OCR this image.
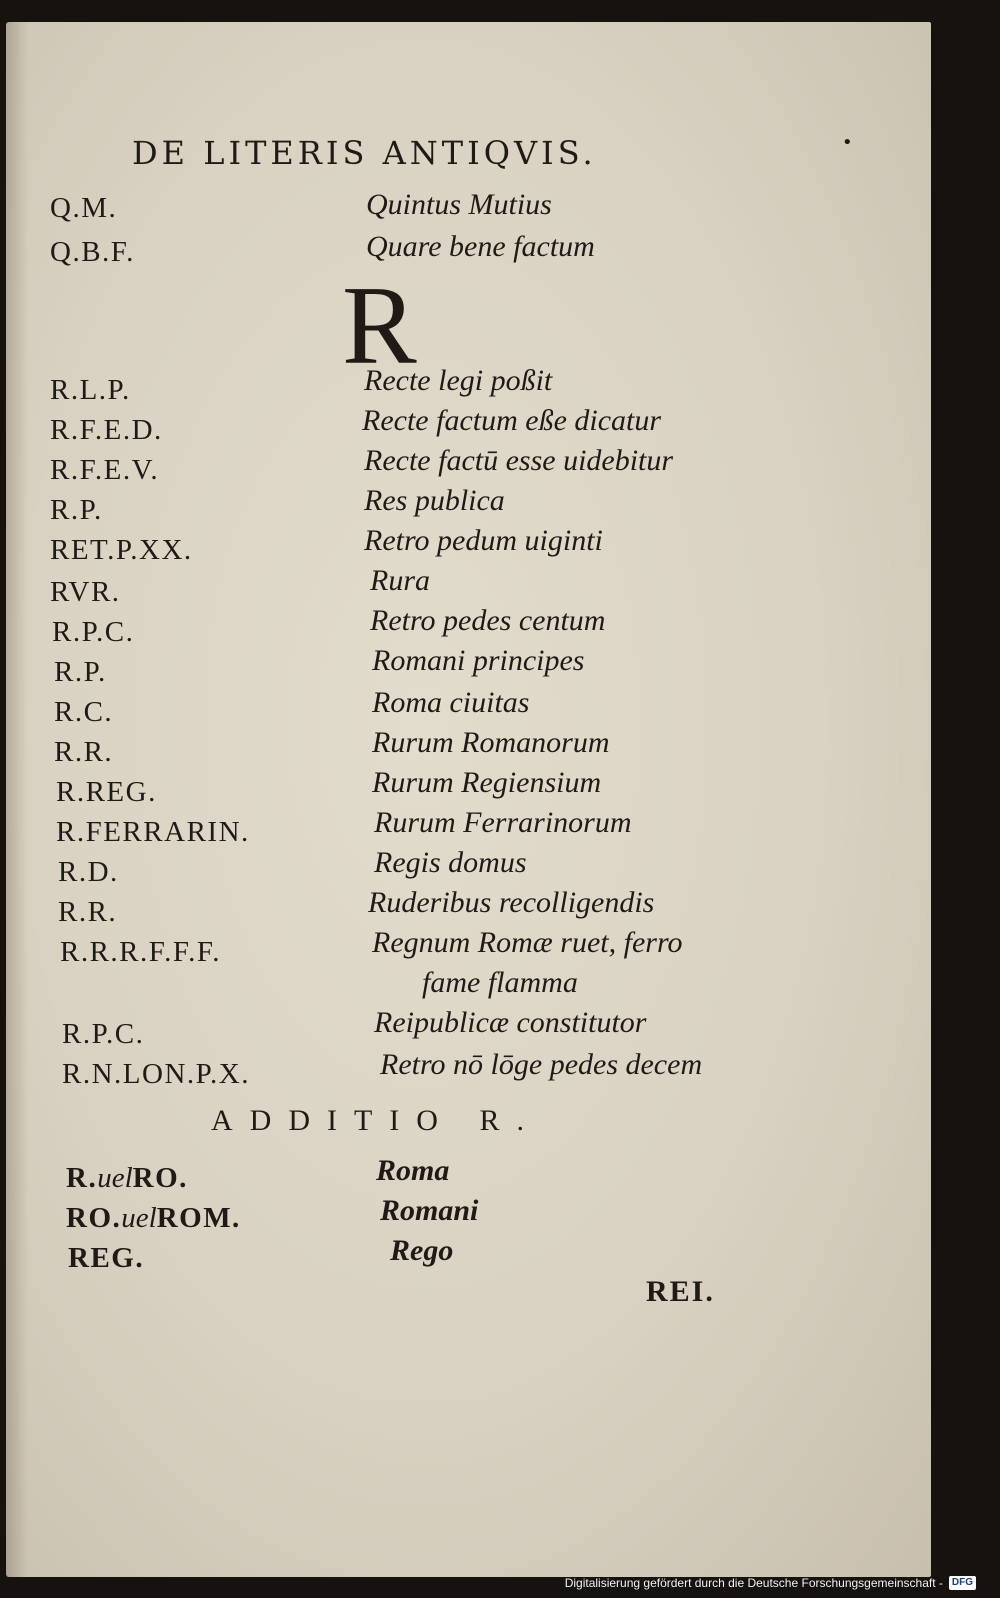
DE LITERIS ANTIQVIS.	•
Q.M.	Quintus Mutius
Q.B.F.	Quare bene factum
R
R.L.P.	Recte legi poßit
R.F.E.D.	Recte factum eße dicatur
R.F.E.V.	Recte factū esse uidebitur
R.P.	Res publica
RET.P.XX.	Retro pedum uiginti
RVR.	Rura
R.P.C.	Retro pedes centum
R.P.	Romani principes
R.C.	Roma ciuitas
R.R.	Rurum Romanorum
R.REG.	Rurum Regiensium
R.FERRARIN.	Rurum Ferrarinorum
R.D.	Regis domus
R.R.	Ruderibus recolligendis
R.R.R.F.F.F.	Regnum Romæ ruet, ferro
fame flamma
R.P.C.	Reipublicæ constitutor
R.N.LON.P.X.	Retro nō lōge pedes decem
ADDITIO R.
R.uelRO.	Roma
RO.uelROM.	Romani
REG.	Rego
REI.
Digitalisierung gefördert durch die Deutsche Forschungsgemeinschaft - DFG
